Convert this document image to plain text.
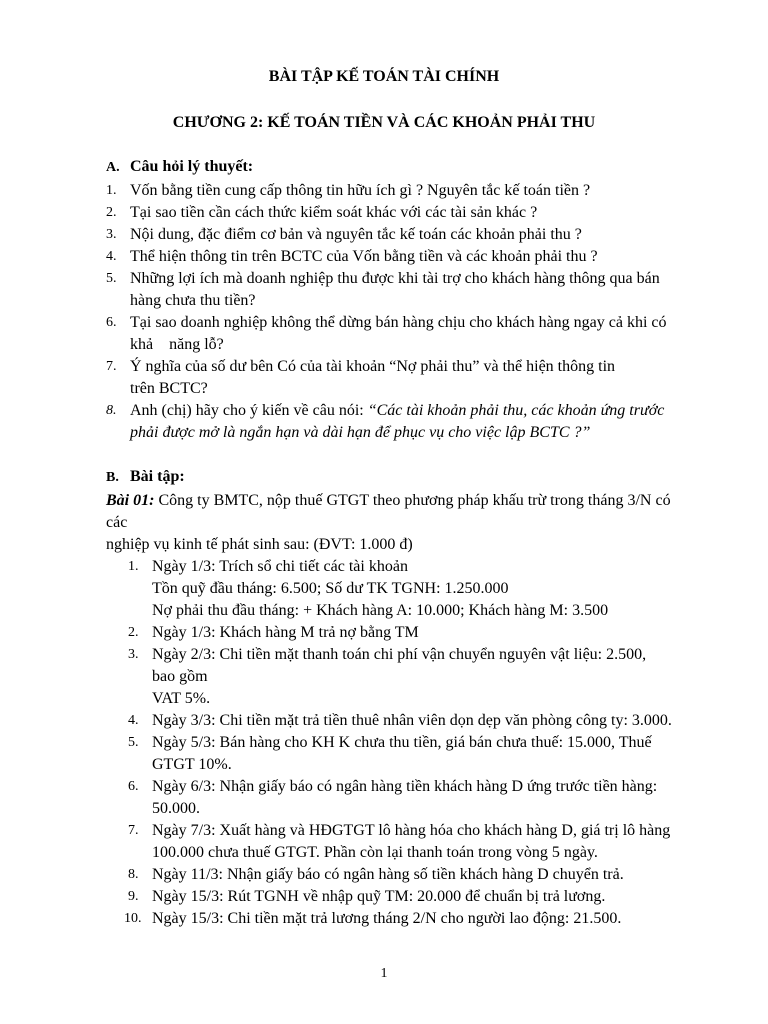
BÀI TẬP KẾ TOÁN TÀI CHÍNH
CHƯƠNG 2: KẾ TOÁN TIỀN VÀ CÁC KHOẢN PHẢI THU
A. Câu hỏi lý thuyết:
1. Vốn bằng tiền cung cấp thông tin hữu ích gì ? Nguyên tắc kế toán tiền ?
2. Tại sao tiền cần cách thức kiểm soát khác với các tài sản khác ?
3. Nội dung, đặc điểm cơ bản và nguyên tắc kế toán các khoản phải thu ?
4. Thể hiện thông tin trên BCTC của Vốn bằng tiền và các khoản phải thu ?
5. Những lợi ích mà doanh nghiệp thu được khi tài trợ cho khách hàng thông qua bán hàng chưa thu tiền?
6. Tại sao doanh nghiệp không thể dừng bán hàng chịu cho khách hàng ngay cả khi có khả    năng lỗ?
7. Ý nghĩa của số dư bên Có của tài khoản “Nợ phải thu” và thể hiện thông tin trên BCTC?
8. Anh (chị) hãy cho ý kiến về câu nói: “Các tài khoản phải thu, các khoản ứng trước phải được mở là ngắn hạn và dài hạn để phục vụ cho việc lập BCTC ?”
B. Bài tập:
Bài 01: Công ty BMTC, nộp thuế GTGT theo phương pháp khấu trừ trong tháng 3/N có các
nghiệp vụ kinh tế phát sinh sau: (ĐVT: 1.000 đ)
1. Ngày 1/3: Trích sổ chi tiết các tài khoản
Tồn quỹ đầu tháng: 6.500; Số dư TK TGNH: 1.250.000
Nợ phải thu đầu tháng: + Khách hàng A: 10.000; Khách hàng M: 3.500
2. Ngày 1/3: Khách hàng M trả nợ bằng TM
3. Ngày 2/3: Chi tiền mặt thanh toán chi phí vận chuyển nguyên vật liệu: 2.500, bao gồm
VAT 5%.
4. Ngày 3/3: Chi tiền mặt trả tiền thuê nhân viên dọn dẹp văn phòng công ty: 3.000.
5. Ngày 5/3: Bán hàng cho KH K chưa thu tiền, giá bán chưa thuế: 15.000, Thuế GTGT 10%.
6. Ngày 6/3: Nhận giấy báo có ngân hàng tiền khách hàng D ứng trước tiền hàng: 50.000.
7. Ngày 7/3: Xuất hàng và HĐGTGT lô hàng hóa cho khách hàng D, giá trị lô hàng
100.000 chưa thuế GTGT. Phần còn lại thanh toán trong vòng 5 ngày.
8. Ngày 11/3: Nhận giấy báo có ngân hàng số tiền khách hàng D chuyển trả.
9. Ngày 15/3: Rút TGNH về nhập quỹ TM: 20.000 để chuẩn bị trả lương.
10. Ngày 15/3: Chi tiền mặt trả lương tháng 2/N cho người lao động: 21.500.
1
